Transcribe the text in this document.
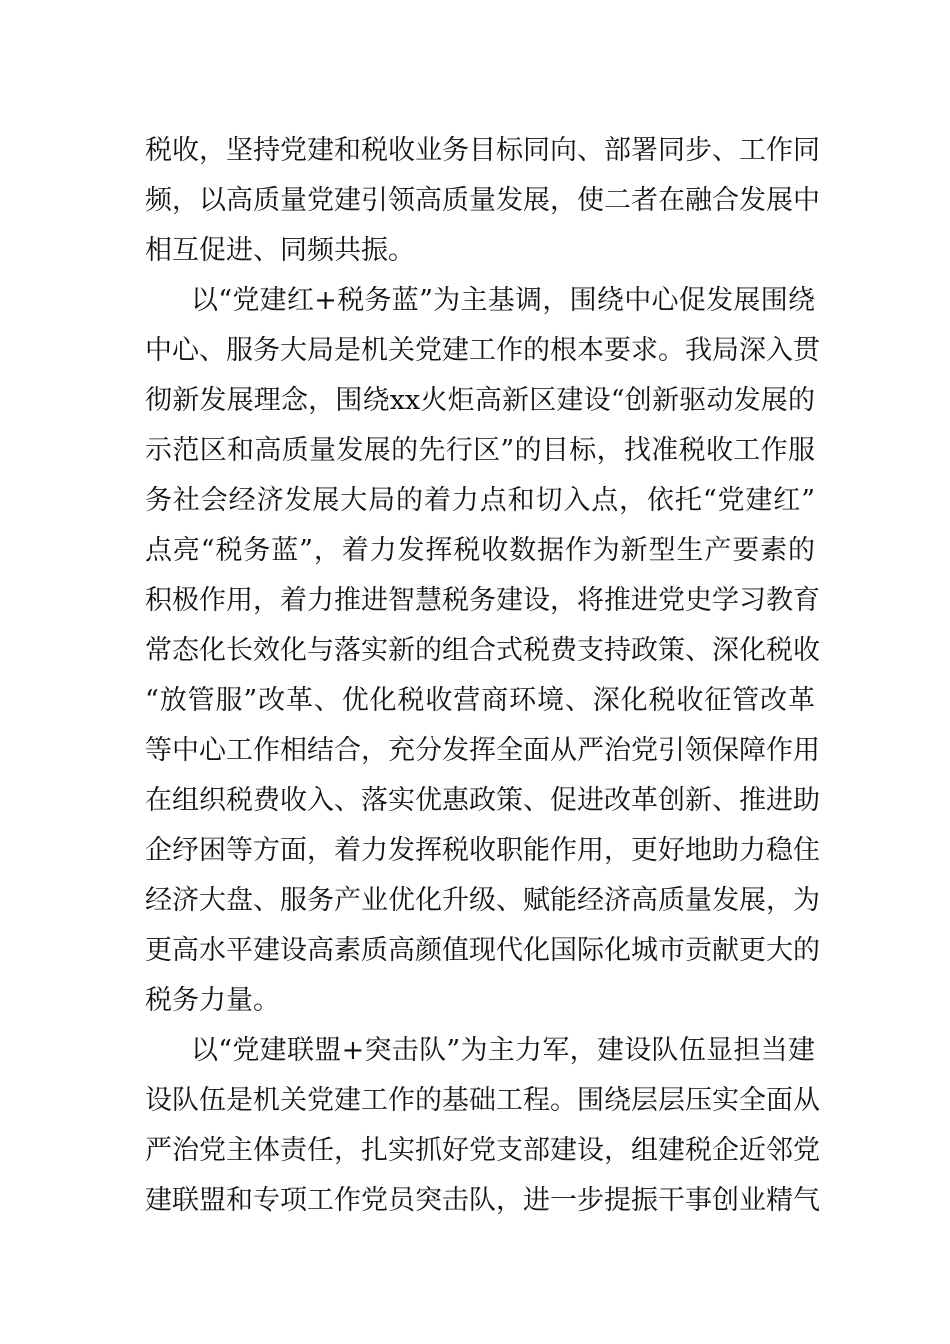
税收，坚持党建和税收业务目标同向、部署同步、工作同
频，以高质量党建引领高质量发展，使二者在融合发展中
相互促进、同频共振。
以“党建红+税务蓝”为主基调，围绕中心促发展围绕
中心、服务大局是机关党建工作的根本要求。我局深入贯
彻新发展理念，围绕xx火炬高新区建设“创新驱动发展的
示范区和高质量发展的先行区”的目标，找准税收工作服
务社会经济发展大局的着力点和切入点，依托“党建红”
点亮“税务蓝”，着力发挥税收数据作为新型生产要素的
积极作用，着力推进智慧税务建设，将推进党史学习教育
常态化长效化与落实新的组合式税费支持政策、深化税收
“放管服”改革、优化税收营商环境、深化税收征管改革
等中心工作相结合，充分发挥全面从严治党引领保障作用
在组织税费收入、落实优惠政策、促进改革创新、推进助
企纾困等方面，着力发挥税收职能作用，更好地助力稳住
经济大盘、服务产业优化升级、赋能经济高质量发展，为
更高水平建设高素质高颜值现代化国际化城市贡献更大的
税务力量。
以“党建联盟+突击队”为主力军，建设队伍显担当建
设队伍是机关党建工作的基础工程。围绕层层压实全面从
严治党主体责任，扎实抓好党支部建设，组建税企近邻党
建联盟和专项工作党员突击队，进一步提振干事创业精气
